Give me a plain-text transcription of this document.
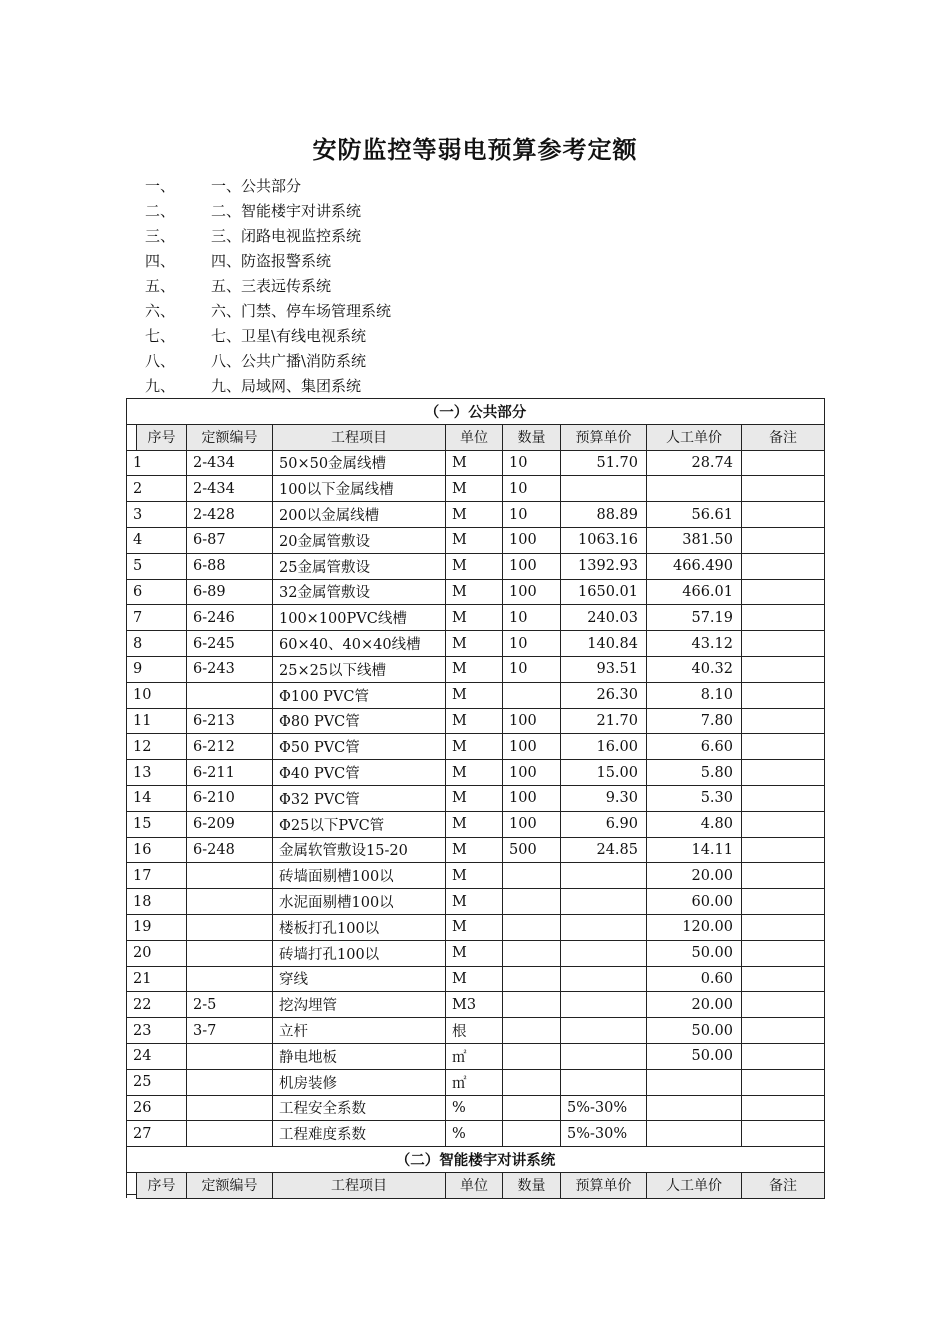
安防监控等弱电预算参考定额
一、 一、公共部分
二、 二、智能楼宇对讲系统
三、 三、闭路电视监控系统
四、 四、防盗报警系统
五、 五、三表远传系统
六、 六、门禁、停车场管理系统
七、 七、卫星\有线电视系统
八、 八、公共广播\消防系统
九、 九、局域网、集团系统
（一）公共部分								
	序号	定额编号	工程项目	单位	数量	预算单价	人工单价	备注
1		2-434	50×50金属线槽	M	10	51.70	28.74	
2		2-434	100以下金属线槽	M	10			
3		2-428	200以金属线槽	M	10	88.89	56.61	
4		6-87	20金属管敷设	M	100	1063.16	381.50	
5		6-88	25金属管敷设	M	100	1392.93	466.490	
6		6-89	32金属管敷设	M	100	1650.01	466.01	
7		6-246	100×100PVC线槽	M	10	240.03	57.19	
8		6-245	60×40、40×40线槽	M	10	140.84	43.12	
9		6-243	25×25以下线槽	M	10	93.51	40.32	
10			Φ100 PVC管	M		26.30	8.10	
11		6-213	Φ80 PVC管	M	100	21.70	7.80	
12		6-212	Φ50 PVC管	M	100	16.00	6.60	
13		6-211	Φ40 PVC管	M	100	15.00	5.80	
14		6-210	Φ32 PVC管	M	100	9.30	5.30	
15		6-209	Φ25以下PVC管	M	100	6.90	4.80	
16		6-248	金属软管敷设15-20	M	500	24.85	14.11	
17			砖墙面剔槽100以	M			20.00	
18			水泥面剔槽100以	M			60.00	
19			楼板打孔100以	M			120.00	
20			砖墙打孔100以	M			50.00	
21			穿线	M			0.60	
22		2-5	挖沟埋管	M3			20.00	
23		3-7	立杆	根			50.00	
24			静电地板	㎡			50.00	
25			机房装修	㎡				
26			工程安全系数	%		5%-30%		
27			工程难度系数	%		5%-30%		
（二）智能楼宇对讲系统								
	序号	定额编号	工程项目	单位	数量	预算单价	人工单价	备注
